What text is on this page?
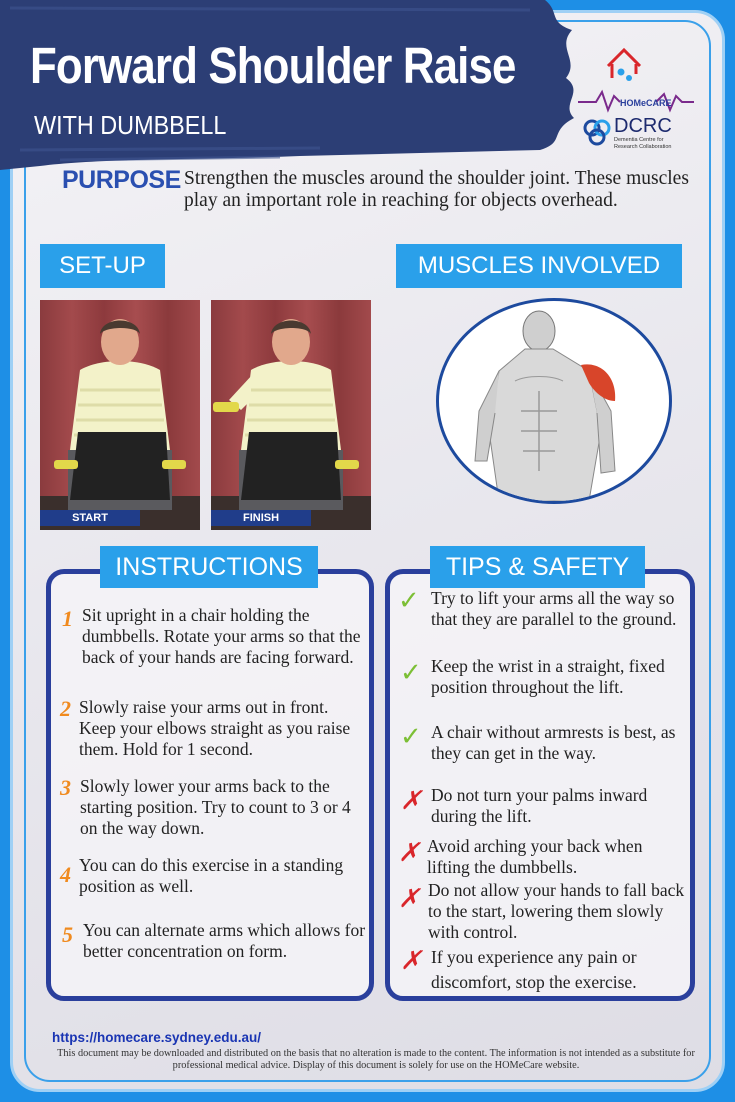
Forward Shoulder Raise
WITH DUMBBELL
HOMeCARE
DCRC
Dementia Centre for
Research Collaboration
PURPOSE Strengthen the muscles around the shoulder joint. These muscles play an important role in reaching for objects overhead.
SET-UP	MUSCLES INVOLVED
START	FINISH
INSTRUCTIONS
1 Sit upright in a chair holding the dumbbells. Rotate your arms so that the back of your hands are facing forward.
2 Slowly raise your arms out in front. Keep your elbows straight as you raise them. Hold for 1 second.
3 Slowly lower your arms back to the starting position. Try to count to 3 or 4 on the way down.
4 You can do this exercise in a standing position as well.
5 You can alternate arms which allows for better concentration on form.
TIPS & SAFETY
✓ Try to lift your arms all the way so that they are parallel to the ground.
✓ Keep the wrist in a straight, fixed position throughout the lift.
✓ A chair without armrests is best, as they can get in the way.
✗ Do not turn your palms inward during the lift.
✗ Avoid arching your back when lifting the dumbbells.
✗ Do not allow your hands to fall back to the start, lowering them slowly with control.
✗ If you experience any pain or discomfort, stop the exercise.
https://homecare.sydney.edu.au/
This document may be downloaded and distributed on the basis that no alteration is made to the content. The information is not intended as a substitute for professional medical advice. Display of this document is solely for use on the HOMeCare website.
